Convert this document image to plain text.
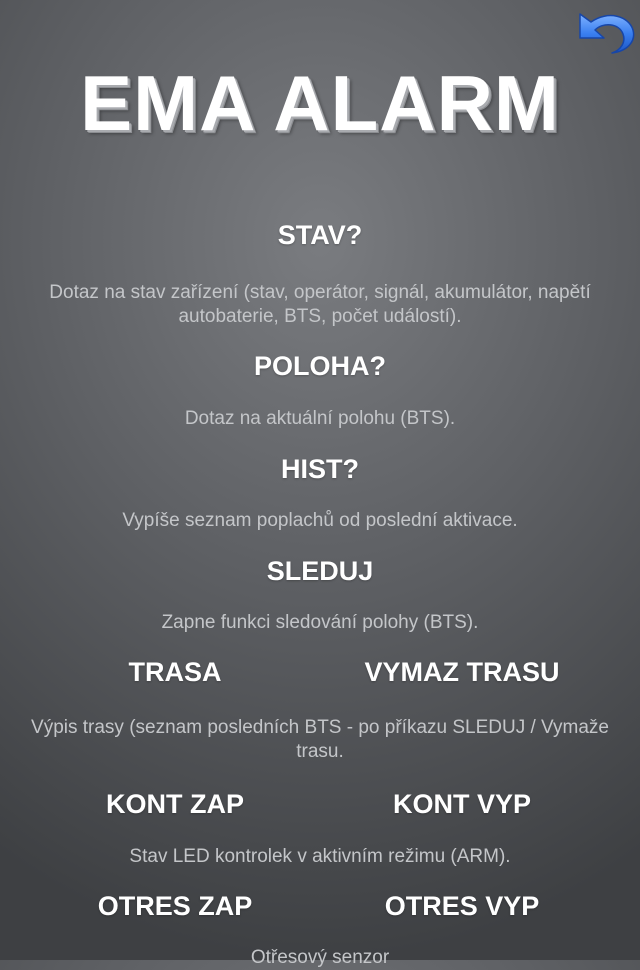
EMA ALARM
STAV?
Dotaz na stav zařízení (stav, operátor, signál, akumulátor, napětí autobaterie, BTS, počet událostí).
POLOHA?
Dotaz na aktuální polohu (BTS).
HIST?
Vypíše seznam poplachů od poslední aktivace.
SLEDUJ
Zapne funkci sledování polohy (BTS).
TRASA	VYMAZ TRASU
Výpis trasy (seznam posledních BTS - po příkazu SLEDUJ / Vymaže trasu.
KONT ZAP	KONT VYP
Stav LED kontrolek v aktivním režimu (ARM).
OTRES ZAP	OTRES VYP
Otřesový senzor
